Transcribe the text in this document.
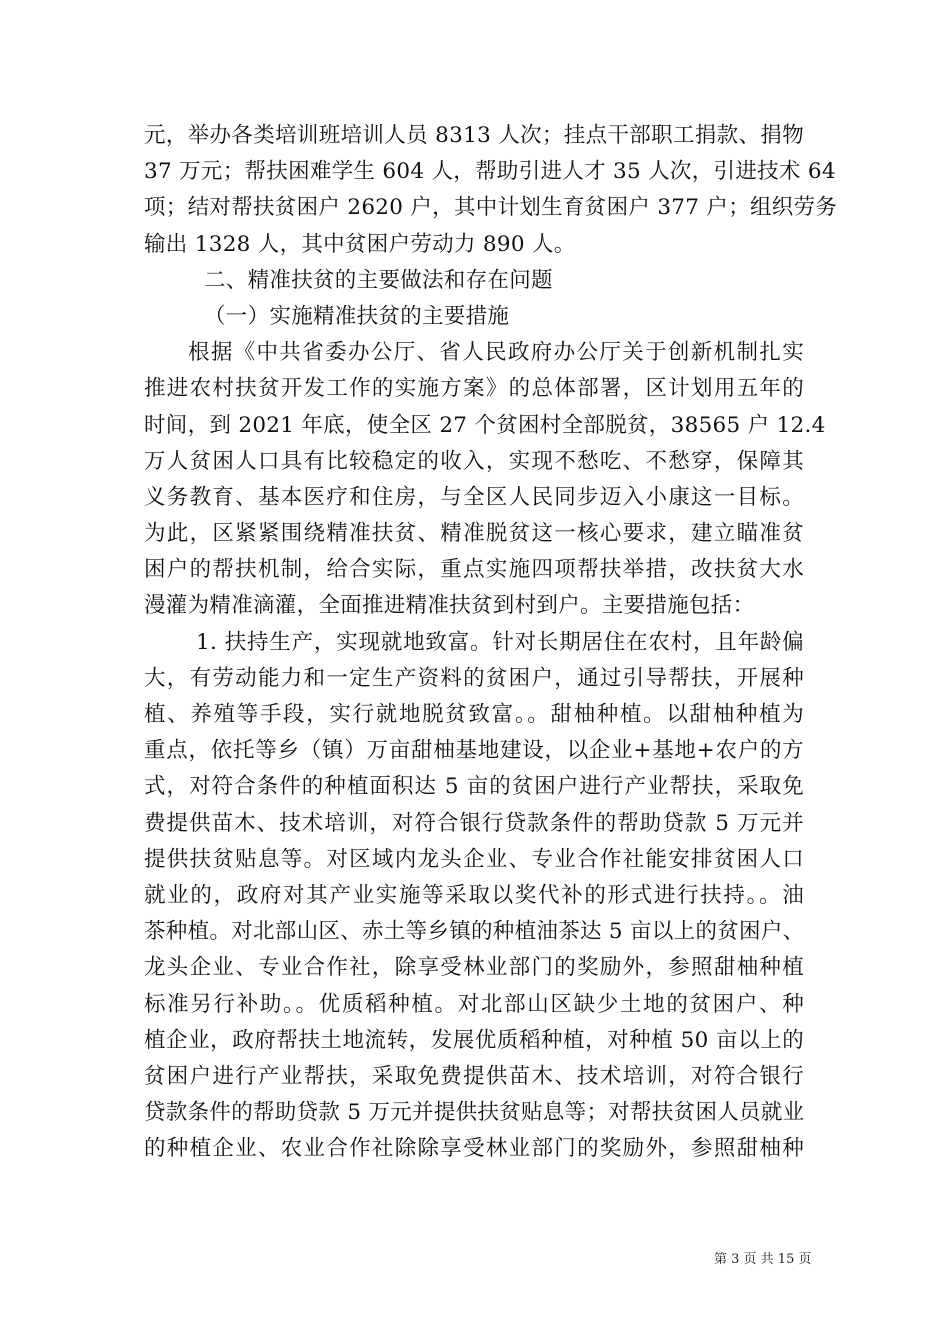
元，举办各类培训班培训人员 8313 人次；挂点干部职工捐款、捐物
37 万元；帮扶困难学生 604 人，帮助引进人才 35 人次，引进技术 64
项；结对帮扶贫困户 2620 户，其中计划生育贫困户 377 户；组织劳务
输出 1328 人，其中贫困户劳动力 890 人。
二、精准扶贫的主要做法和存在问题
（一）实施精准扶贫的主要措施
根据《中共省委办公厅、省人民政府办公厅关于创新机制扎实
推进农村扶贫开发工作的实施方案》的总体部署，区计划用五年的
时间，到 2021 年底，使全区 27 个贫困村全部脱贫，38565 户 12.4
万人贫困人口具有比较稳定的收入，实现不愁吃、不愁穿，保障其
义务教育、基本医疗和住房，与全区人民同步迈入小康这一目标。
为此，区紧紧围绕精准扶贫、精准脱贫这一核心要求，建立瞄准贫
困户的帮扶机制，给合实际，重点实施四项帮扶举措，改扶贫大水
漫灌为精准滴灌，全面推进精准扶贫到村到户。主要措施包括：
1. 扶持生产，实现就地致富。针对长期居住在农村，且年龄偏
大，有劳动能力和一定生产资料的贫困户，通过引导帮扶，开展种
植、养殖等手段，实行就地脱贫致富。。甜柚种植。以甜柚种植为
重点，依托等乡（镇）万亩甜柚基地建设，以企业+基地+农户的方
式，对符合条件的种植面积达 5 亩的贫困户进行产业帮扶，采取免
费提供苗木、技术培训，对符合银行贷款条件的帮助贷款 5 万元并
提供扶贫贴息等。对区域内龙头企业、专业合作社能安排贫困人口
就业的，政府对其产业实施等采取以奖代补的形式进行扶持。。油
茶种植。对北部山区、赤土等乡镇的种植油茶达 5 亩以上的贫困户、
龙头企业、专业合作社，除享受林业部门的奖励外，参照甜柚种植
标准另行补助。。优质稻种植。对北部山区缺少土地的贫困户、种
植企业，政府帮扶土地流转，发展优质稻种植，对种植 50 亩以上的
贫困户进行产业帮扶，采取免费提供苗木、技术培训，对符合银行
贷款条件的帮助贷款 5 万元并提供扶贫贴息等；对帮扶贫困人员就业
的种植企业、农业合作社除除享受林业部门的奖励外，参照甜柚种
第 3 页 共 15 页
